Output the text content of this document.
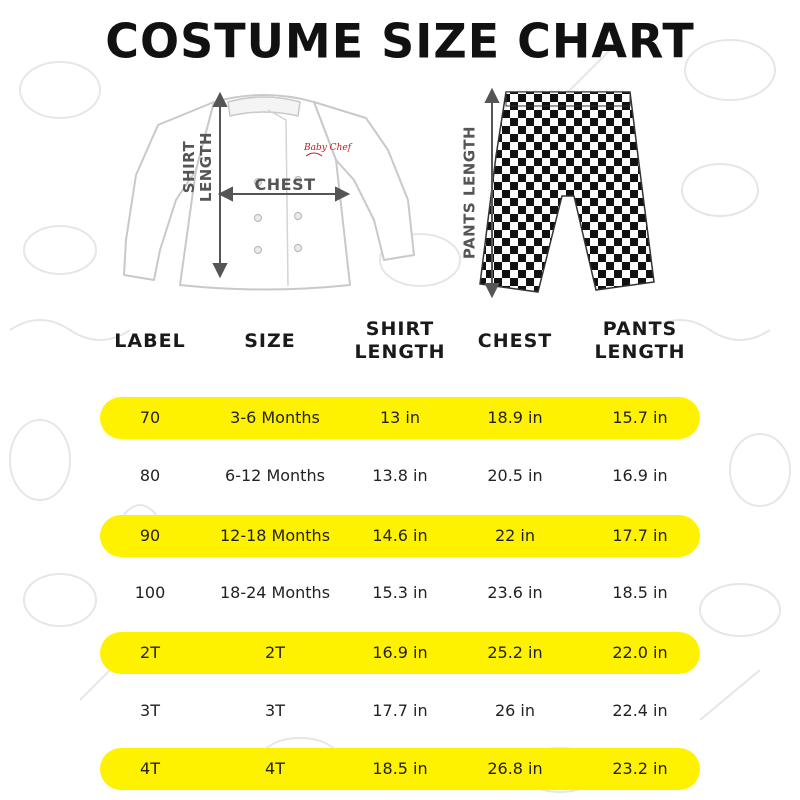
COSTUME SIZE CHART
Baby Chef
SHIRT
LENGTH CHEST	PANTS LENGTH
LABEL	SIZE
SHIRT
LENGTH	CHEST
PANTS
LENGTH
70	3-6 Months	13 in	18.9 in	15.7 in
80	6-12 Months	13.8 in	20.5 in	16.9 in
90	12-18 Months	14.6 in	22 in	17.7 in
100	18-24 Months	15.3 in	23.6 in	18.5 in
2T	2T	16.9 in	25.2 in	22.0 in
3T	3T	17.7 in	26 in	22.4 in
4T	4T	18.5 in	26.8 in	23.2 in
